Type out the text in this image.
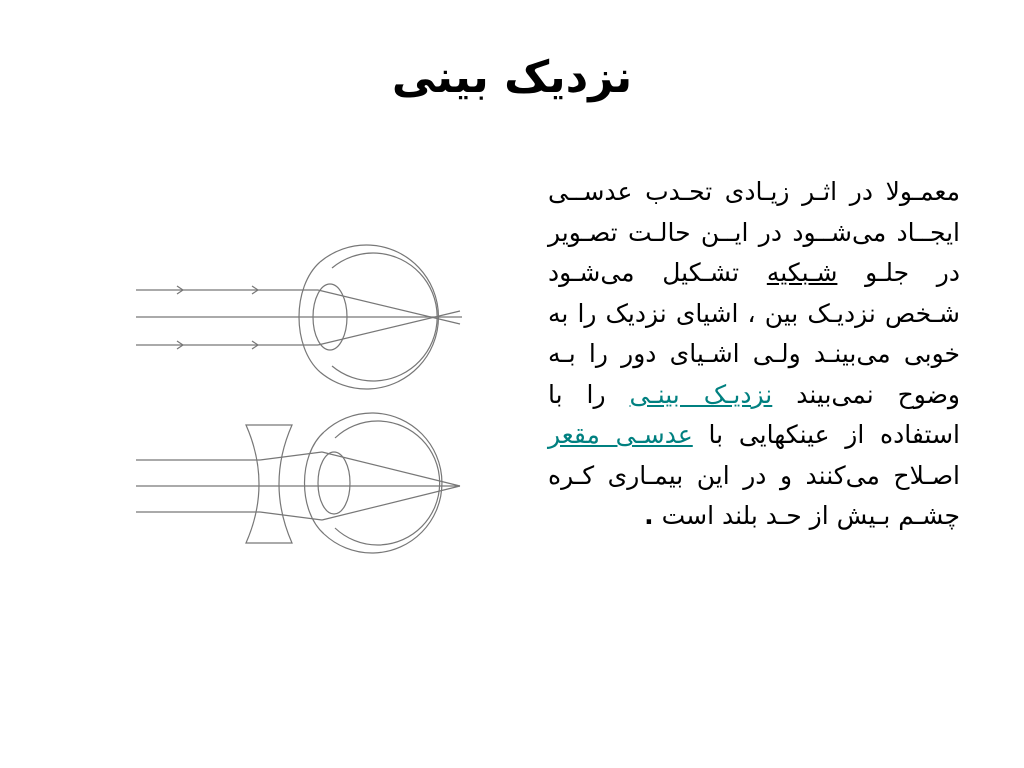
نزدیک بینی

معمـولا در اثـر زیـادی تحـدب عدســی ایجــاد می‌شــود در ایــن حالـت تصـویر در جلـو شـبکیه تشـکیل می‌شـود شـخص نزدیـک بین ، اشیای نزدیک را به خوبی می‌بینـد ولـی اشـیای دور را بـه وضوح نمی‌بیند نزدیـک بینـی را با استفاده از عینکهایی با عدسـی مقعر اصـلاح می‌کنند و در این بیمـاری کـره چشـم بـیش از حـد بلند است .
